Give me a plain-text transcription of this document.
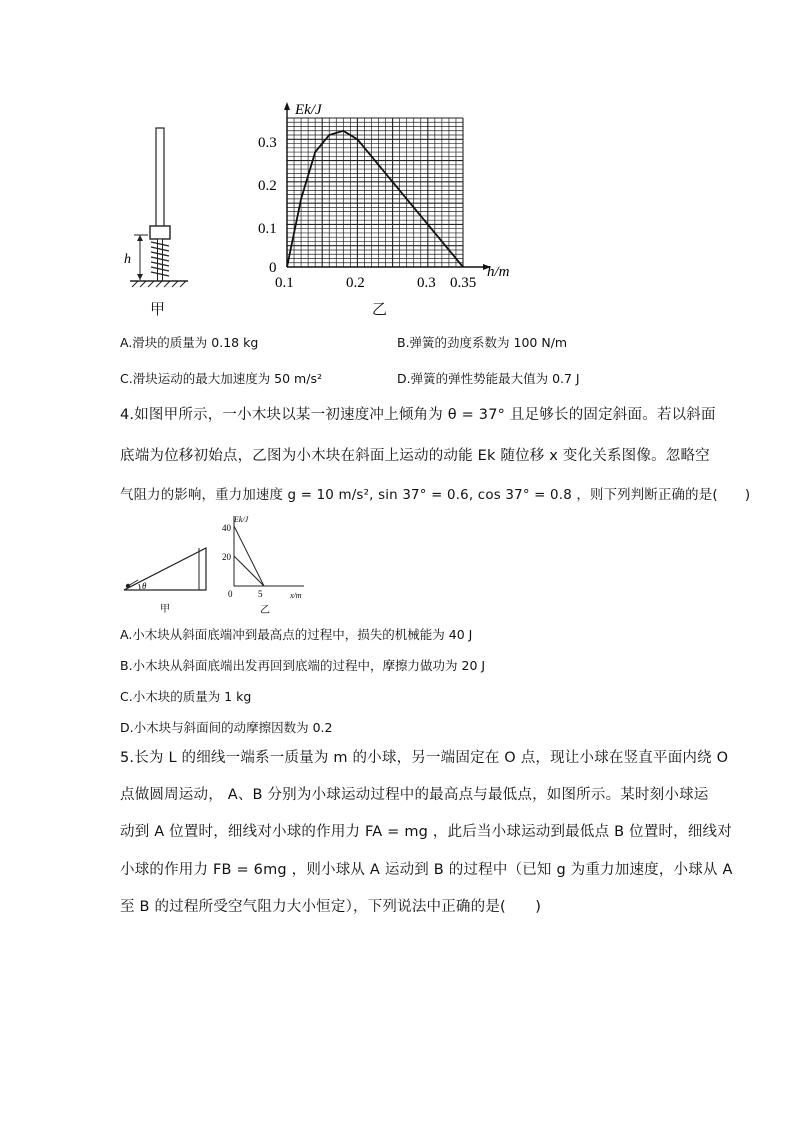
h
甲
Ek/J
h/m
0.3
0.2
0.1
0
0.1	0.2	0.3 0.35
乙
A.滑块的质量为 0.18 kg	B.弹簧的劲度系数为 100 N/m
C.滑块运动的最大加速度为 50 m/s²	D.弹簧的弹性势能最大值为 0.7 J
4.如图甲所示，一小木块以某一初速度冲上倾角为 θ = 37° 且足够长的固定斜面。若以斜面
底端为位移初始点，乙图为小木块在斜面上运动的动能 Ek 随位移 x 变化关系图像。忽略空
气阻力的影响，重力加速度 g = 10 m/s², sin 37° = 0.6, cos 37° = 0.8 ，则下列判断正确的是(　　)
θ
甲
Ek/J
x/m
40
20
0	5
乙
A.小木块从斜面底端冲到最高点的过程中，损失的机械能为 40 J
B.小木块从斜面底端出发再回到底端的过程中，摩擦力做功为 20 J
C.小木块的质量为 1 kg
D.小木块与斜面间的动摩擦因数为 0.2
5.长为 L 的细线一端系一质量为 m 的小球，另一端固定在 O 点，现让小球在竖直平面内绕 O
点做圆周运动， A、B 分别为小球运动过程中的最高点与最低点，如图所示。某时刻小球运
动到 A 位置时，细线对小球的作用力 FA = mg ，此后当小球运动到最低点 B 位置时，细线对
小球的作用力 FB = 6mg ，则小球从 A 运动到 B 的过程中（已知 g 为重力加速度，小球从 A
至 B 的过程所受空气阻力大小恒定），下列说法中正确的是(　　)
